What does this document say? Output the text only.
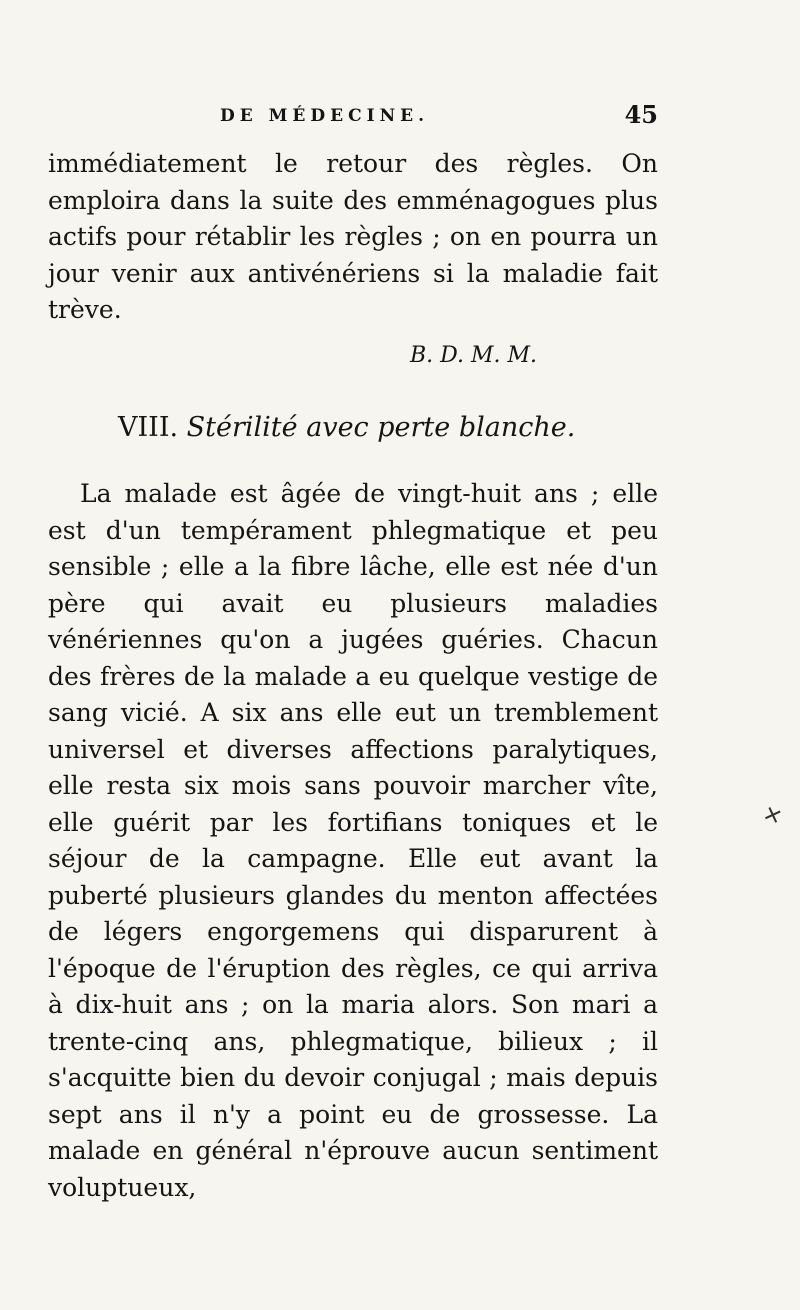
DE MÉDECINE.	45

immédiatement le retour des règles. On emploira dans la suite des emménagogues plus actifs pour rétablir les règles ; on en pourra un jour venir aux antivénériens si la maladie fait trève.

B. D. M. M.
VIII. Stérilité avec perte blanche.

La malade est âgée de vingt-huit ans ; elle est d'un tempérament phlegmatique et peu sensible ; elle a la fibre lâche, elle est née d'un père qui avait eu plusieurs maladies vénériennes qu'on a jugées guéries. Chacun des frères de la malade a eu quelque vestige de sang vicié. A six ans elle eut un tremblement universel et diverses affections paralytiques, elle resta six mois sans pouvoir marcher vîte, elle guérit par les fortifians toniques et le séjour de la campagne. Elle eut avant la puberté plusieurs glandes du menton affectées de légers engorgemens qui disparurent à l'époque de l'éruption des règles, ce qui arriva à dix-huit ans ; on la maria alors. Son mari a trente-cinq ans, phlegmatique, bilieux ; il s'acquitte bien du devoir conjugal ; mais depuis sept ans il n'y a point eu de grossesse. La malade en général n'éprouve aucun sentiment voluptueux,

+
